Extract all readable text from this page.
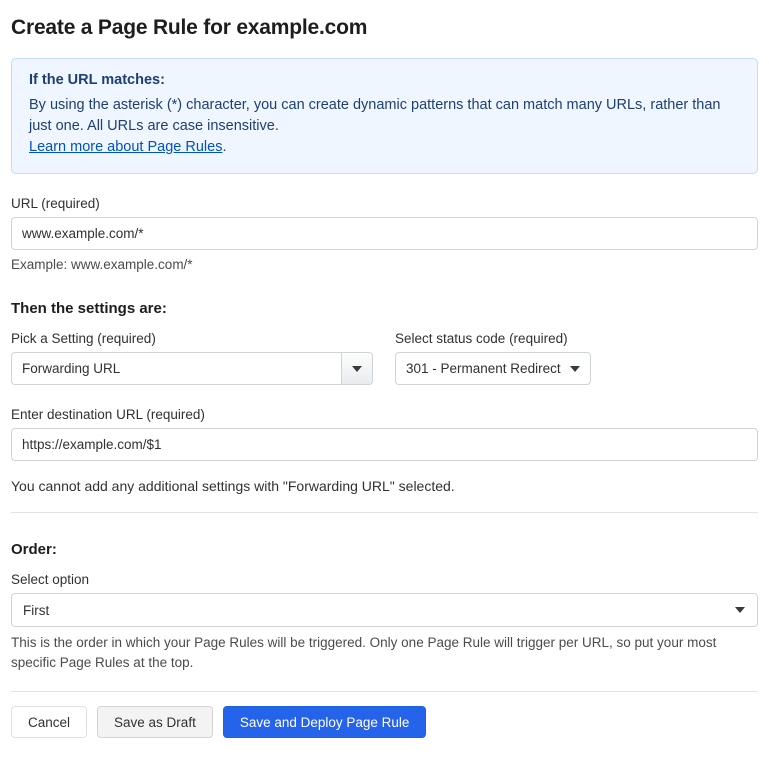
Create a Page Rule for example.com
If the URL matches:
By using the asterisk (*) character, you can create dynamic patterns that can match many URLs, rather than just one. All URLs are case insensitive.
Learn more about Page Rules.
URL (required)
www.example.com/*
Example: www.example.com/*
Then the settings are:
Pick a Setting (required)
Forwarding URL
Select status code (required)
301 - Permanent Redirect
Enter destination URL (required)
https://example.com/$1
You cannot add any additional settings with "Forwarding URL" selected.
Order:
Select option
First
This is the order in which your Page Rules will be triggered. Only one Page Rule will trigger per URL, so put your most specific Page Rules at the top.
Cancel	Save as Draft	Save and Deploy Page Rule
